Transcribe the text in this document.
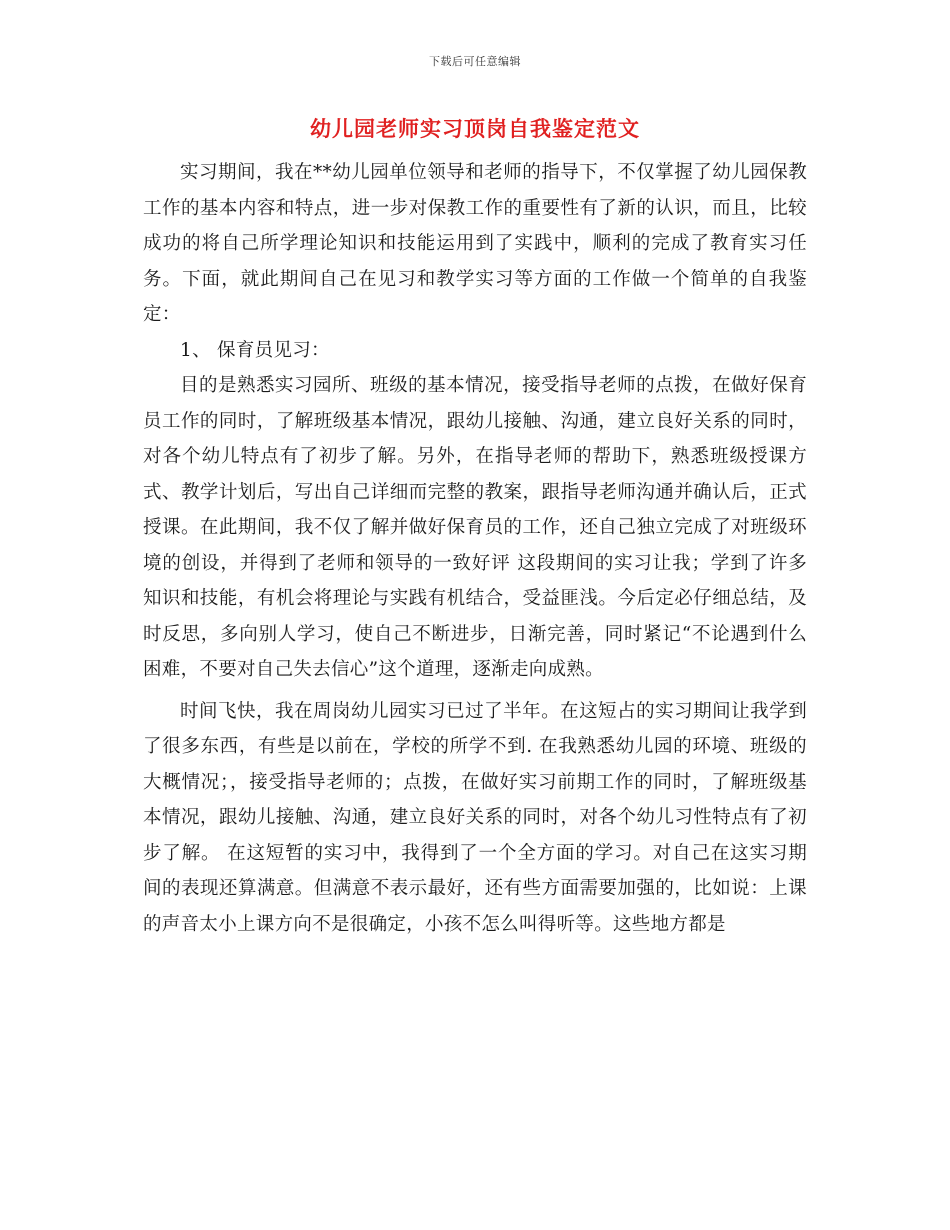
下载后可任意编辑
幼儿园老师实习顶岗自我鉴定范文

实习期间，我在**幼儿园单位领导和老师的指导下，不仅掌握了幼儿园保教工作的基本内容和特点，进一步对保教工作的重要性有了新的认识，而且，比较成功的将自己所学理论知识和技能运用到了实践中，顺利的完成了教育实习任务。下面，就此期间自己在见习和教学实习等方面的工作做一个简单的自我鉴定：

1、 保育员见习：

目的是熟悉实习园所、班级的基本情况，接受指导老师的点拨，在做好保育员工作的同时，了解班级基本情况，跟幼儿接触、沟通，建立良好关系的同时，对各个幼儿特点有了初步了解。另外，在指导老师的帮助下，熟悉班级授课方式、教学计划后，写出自己详细而完整的教案，跟指导老师沟通并确认后，正式授课。在此期间，我不仅了解并做好保育员的工作，还自己独立完成了对班级环境的创设，并得到了老师和领导的一致好评 这段期间的实习让我；学到了许多知识和技能，有机会将理论与实践有机结合，受益匪浅。今后定必仔细总结，及时反思，多向别人学习，使自己不断进步，日渐完善，同时紧记“不论遇到什么困难，不要对自己失去信心”这个道理，逐渐走向成熟。

时间飞快，我在周岗幼儿园实习已过了半年。在这短占的实习期间让我学到了很多东西，有些是以前在，学校的所学不到. 在我熟悉幼儿园的环境、班级的大概情况；，接受指导老师的；点拨，在做好实习前期工作的同时，了解班级基本情况，跟幼儿接触、沟通，建立良好关系的同时，对各个幼儿习性特点有了初步了解。 在这短暂的实习中，我得到了一个全方面的学习。对自己在这实习期间的表现还算满意。但满意不表示最好，还有些方面需要加强的，比如说：上课的声音太小上课方向不是很确定，小孩不怎么叫得听等。这些地方都是
